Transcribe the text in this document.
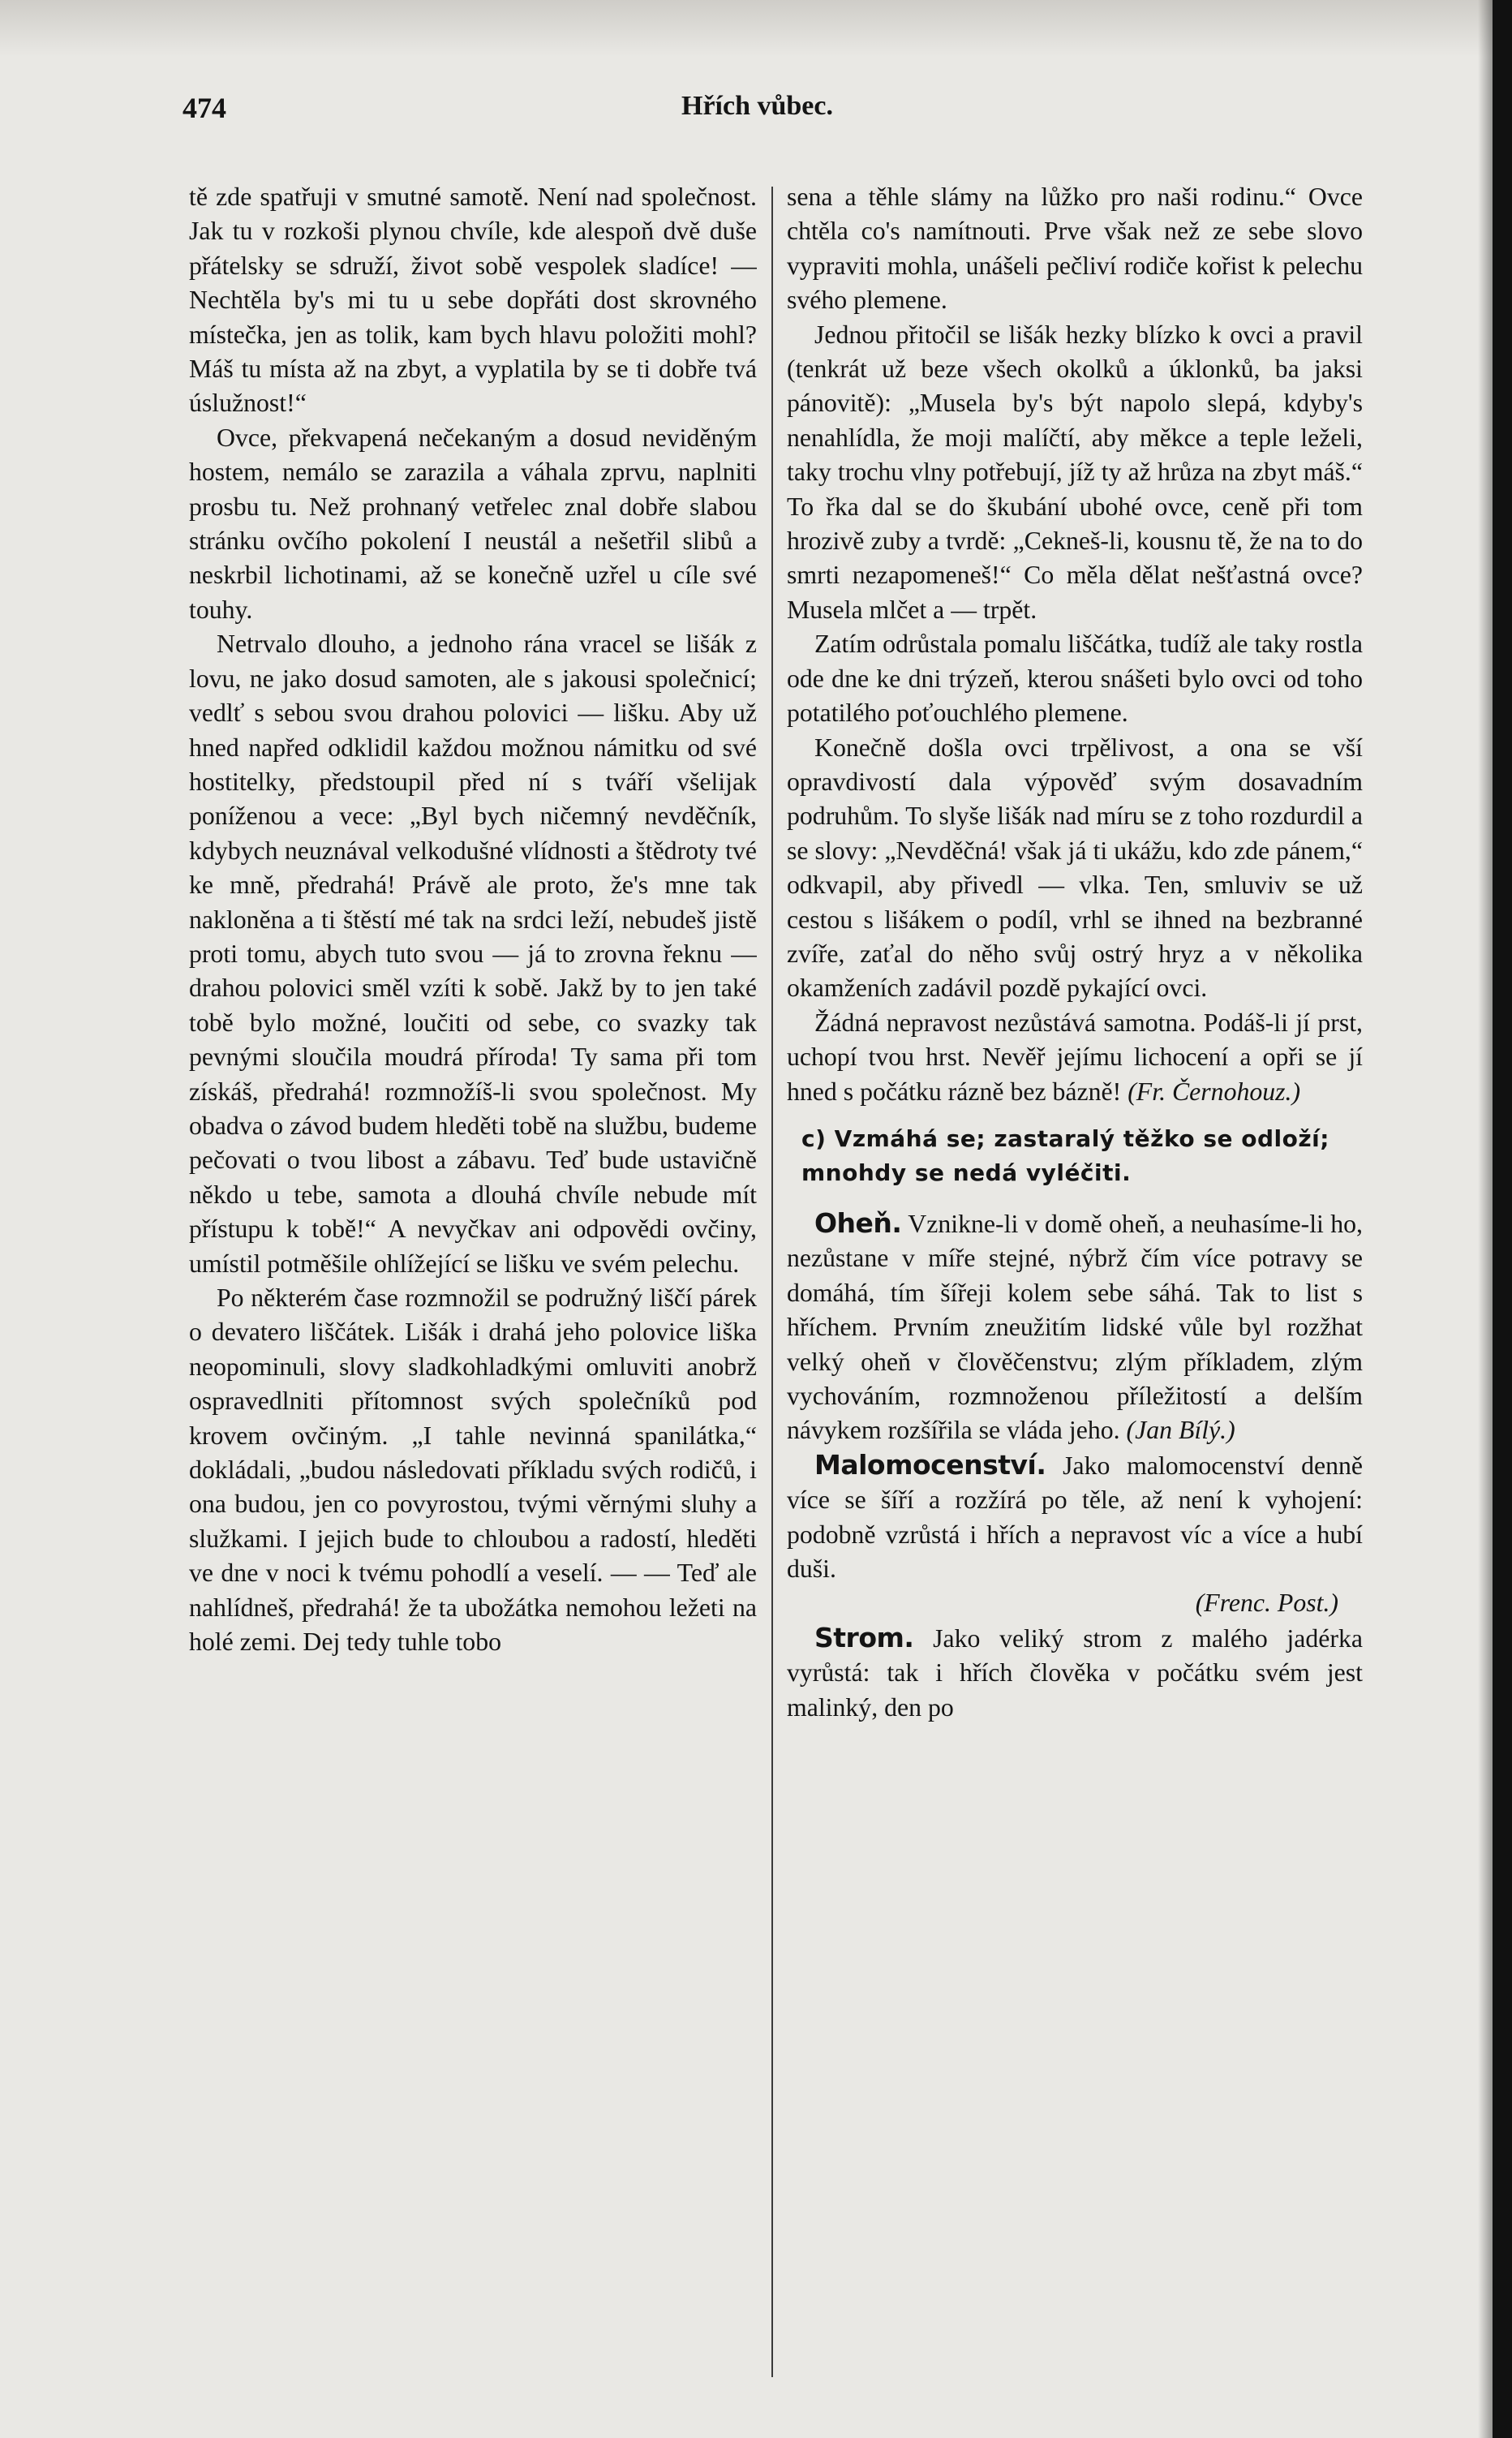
474	Hřích vůbec.

tě zde spatřuji v smutné samotě. Není nad společnost. Jak tu v rozkoši plynou chvíle, kde alespoň dvě duše přátelsky se sdruží, život sobě vespolek sladíce! — Nechtěla by's mi tu u sebe dopřáti dost skrovného místečka, jen as tolik, kam bych hlavu položiti mohl? Máš tu místa až na zbyt, a vyplatila by se ti dobře tvá úslužnost!“

Ovce, překvapená nečekaným a dosud neviděným hostem, nemálo se zarazila a váhala zprvu, naplniti prosbu tu. Než prohnaný vetřelec znal dobře slabou stránku ovčího pokolení I neustál a nešetřil slibů a neskrbil lichotinami, až se konečně uzřel u cíle své touhy.

Netrvalo dlouho, a jednoho rána vracel se lišák z lovu, ne jako dosud samoten, ale s jakousi společnicí; vedlť s sebou svou drahou polovici — lišku. Aby už hned napřed odklidil každou možnou námitku od své hostitelky, předstoupil před ní s tváří všelijak poníženou a vece: „Byl bych ničemný nevděčník, kdybych neuznával velkodušné vlídnosti a štědroty tvé ke mně, předrahá! Právě ale proto, že's mne tak nakloněna a ti štěstí mé tak na srdci leží, nebudeš jistě proti tomu, abych tuto svou — já to zrovna řeknu — drahou polovici směl vzíti k sobě. Jakž by to jen také tobě bylo možné, loučiti od sebe, co svazky tak pevnými sloučila moudrá příroda! Ty sama při tom získáš, předrahá! rozmnožíš-li svou společnost. My obadva o závod budem hleděti tobě na službu, budeme pečovati o tvou libost a zábavu. Teď bude ustavičně někdo u tebe, samota a dlouhá chvíle nebude mít přístupu k tobě!“ A nevyčkav ani odpovědi ovčiny, umístil potměšile ohlížející se lišku ve svém pelechu.

Po některém čase rozmnožil se podružný liščí párek o devatero liščátek. Lišák i drahá jeho polovice liška neopominuli, slovy sladkohladkými omluviti anobrž ospravedlniti přítomnost svých společníků pod krovem ovčiným. „I tahle nevinná spanilátka,“ dokládali, „budou následovati příkladu svých rodičů, i ona budou, jen co povyrostou, tvými věrnými sluhy a služkami. I jejich bude to chloubou a radostí, hleděti ve dne v noci k tvému pohodlí a veselí. — — Teď ale nahlídneš, předrahá! že ta ubožátka nemohou ležeti na holé zemi. Dej tedy tuhle tobo

sena a těhle slámy na lůžko pro naši rodinu.“ Ovce chtěla co's namítnouti. Prve však než ze sebe slovo vypraviti mohla, unášeli pečliví rodiče kořist k pelechu svého plemene.

Jednou přitočil se lišák hezky blízko k ovci a pravil (tenkrát už beze všech okolků a úklonků, ba jaksi pánovitě): „Musela by's být napolo slepá, kdyby's nenahlídla, že moji malíčtí, aby měkce a teple leželi, taky trochu vlny potřebují, jíž ty až hrůza na zbyt máš.“ To řka dal se do škubání ubohé ovce, ceně při tom hrozivě zuby a tvrdě: „Cekneš-li, kousnu tě, že na to do smrti nezapomeneš!“ Co měla dělat nešťastná ovce? Musela mlčet a — trpět.

Zatím odrůstala pomalu liščátka, tudíž ale taky rostla ode dne ke dni trýzeň, kterou snášeti bylo ovci od toho potatilého poťouchlého plemene.

Konečně došla ovci trpělivost, a ona se vší opravdivostí dala výpověď svým dosavadním podruhům. To slyše lišák nad míru se z toho rozdurdil a se slovy: „Nevděčná! však já ti ukážu, kdo zde pánem,“ odkvapil, aby přivedl — vlka. Ten, smluviv se už cestou s lišákem o podíl, vrhl se ihned na bezbranné zvíře, zaťal do něho svůj ostrý hryz a v několika okamženích zadávil pozdě pykající ovci.

Žádná nepravost nezůstává samotna. Podáš-li jí prst, uchopí tvou hrst. Nevěř jejímu lichocení a opři se jí hned s počátku rázně bez bázně! (Fr. Černohouz.)

c) Vzmáhá se; zastaralý těžko se odloží; mnohdy se nedá vyléčiti.

Oheň. Vznikne-li v domě oheň, a neuhasíme-li ho, nezůstane v míře stejné, nýbrž čím více potravy se domáhá, tím šířeji kolem sebe sáhá. Tak to list s hříchem. Prvním zneužitím lidské vůle byl rozžhat velký oheň v člověčenstvu; zlým příkladem, zlým vychováním, rozmnoženou příležitostí a delším návykem rozšířila se vláda jeho. (Jan Bílý.)

Malomocenství. Jako malomocenství denně více se šíří a rozžírá po těle, až není k vyhojení: podobně vzrůstá i hřích a nepravost víc a více a hubí duši.

(Frenc. Post.)

Strom. Jako veliký strom z malého jadérka vyrůstá: tak i hřích člověka v počátku svém jest malinký, den po
